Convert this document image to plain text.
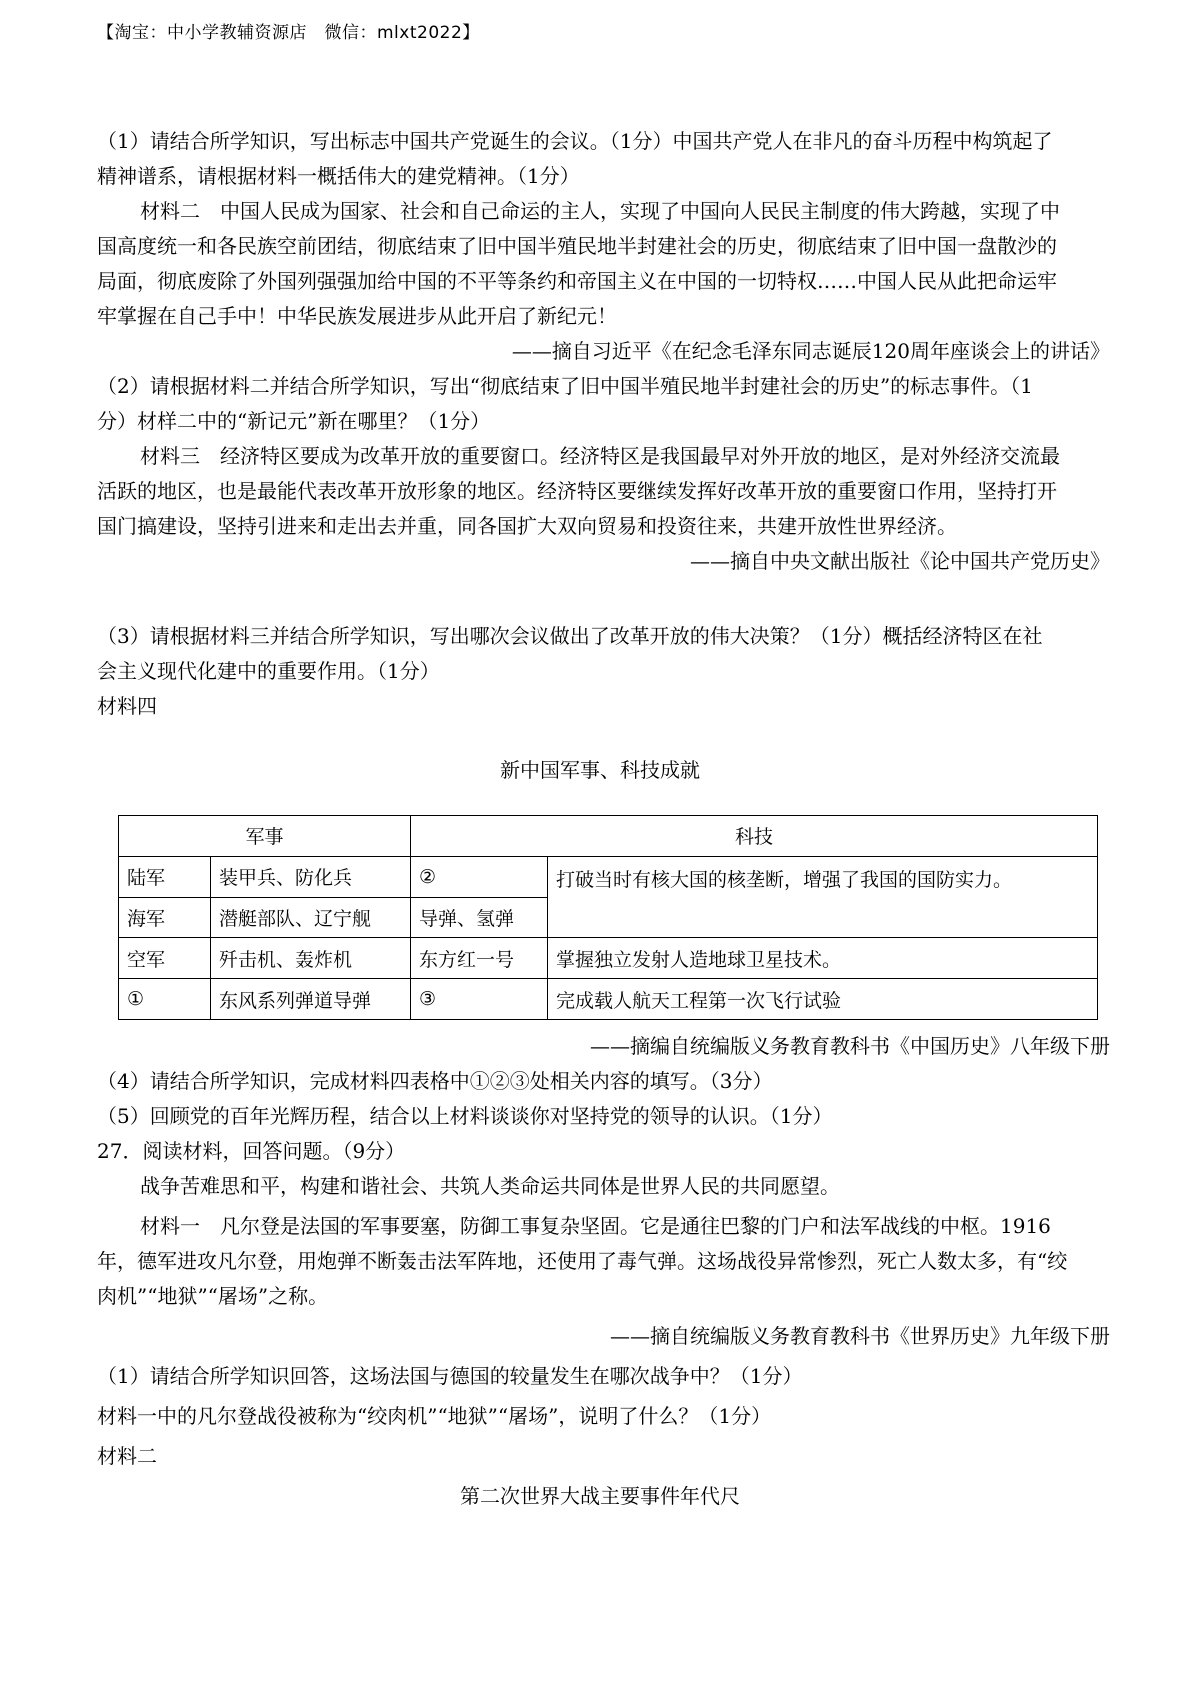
【淘宝：中小学教辅资源店　微信：mlxt2022】
（1）请结合所学知识，写出标志中国共产党诞生的会议。（1分）中国共产党人在非凡的奋斗历程中构筑起了
精神谱系，请根据材料一概括伟大的建党精神。（1分）
材料二　中国人民成为国家、社会和自己命运的主人，实现了中国向人民民主制度的伟大跨越，实现了中
国高度统一和各民族空前团结，彻底结束了旧中国半殖民地半封建社会的历史，彻底结束了旧中国一盘散沙的
局面，彻底废除了外国列强强加给中国的不平等条约和帝国主义在中国的一切特权……中国人民从此把命运牢
牢掌握在自己手中！中华民族发展进步从此开启了新纪元！
——摘自习近平《在纪念毛泽东同志诞辰120周年座谈会上的讲话》
（2）请根据材料二并结合所学知识，写出“彻底结束了旧中国半殖民地半封建社会的历史”的标志事件。（1
分）材样二中的“新记元”新在哪里？（1分）
材料三　经济特区要成为改革开放的重要窗口。经济特区是我国最早对外开放的地区，是对外经济交流最
活跃的地区，也是最能代表改革开放形象的地区。经济特区要继续发挥好改革开放的重要窗口作用，坚持打开
国门搞建设，坚持引进来和走出去并重，同各国扩大双向贸易和投资往来，共建开放性世界经济。
——摘自中央文献出版社《论中国共产党历史》
（3）请根据材料三并结合所学知识，写出哪次会议做出了改革开放的伟大决策？（1分）概括经济特区在社
会主义现代化建中的重要作用。（1分）
材料四
新中国军事、科技成就
军事		科技	
陆军	装甲兵、防化兵	②	打破当时有核大国的核垄断，增强了我国的国防实力。
海军	潜艇部队、辽宁舰	导弹、氢弹	
空军	歼击机、轰炸机	东方红一号	掌握独立发射人造地球卫星技术。
①	东风系列弹道导弹	③	完成载人航天工程第一次飞行试验
——摘编自统编版义务教育教科书《中国历史》八年级下册
（4）请结合所学知识，完成材料四表格中①②③处相关内容的填写。（3分）
（5）回顾党的百年光辉历程，结合以上材料谈谈你对坚持党的领导的认识。（1分）
27．阅读材料，回答问题。（9分）
战争苦难思和平，构建和谐社会、共筑人类命运共同体是世界人民的共同愿望。
材料一　凡尔登是法国的军事要塞，防御工事复杂坚固。它是通往巴黎的门户和法军战线的中枢。1916
年，德军进攻凡尔登，用炮弹不断轰击法军阵地，还使用了毒气弹。这场战役异常惨烈，死亡人数太多，有“绞
肉机”“地狱”“屠场”之称。
——摘自统编版义务教育教科书《世界历史》九年级下册
（1）请结合所学知识回答，这场法国与德国的较量发生在哪次战争中？（1分）
材料一中的凡尔登战役被称为“绞肉机”“地狱”“屠场”，说明了什么？（1分）
材料二
第二次世界大战主要事件年代尺
